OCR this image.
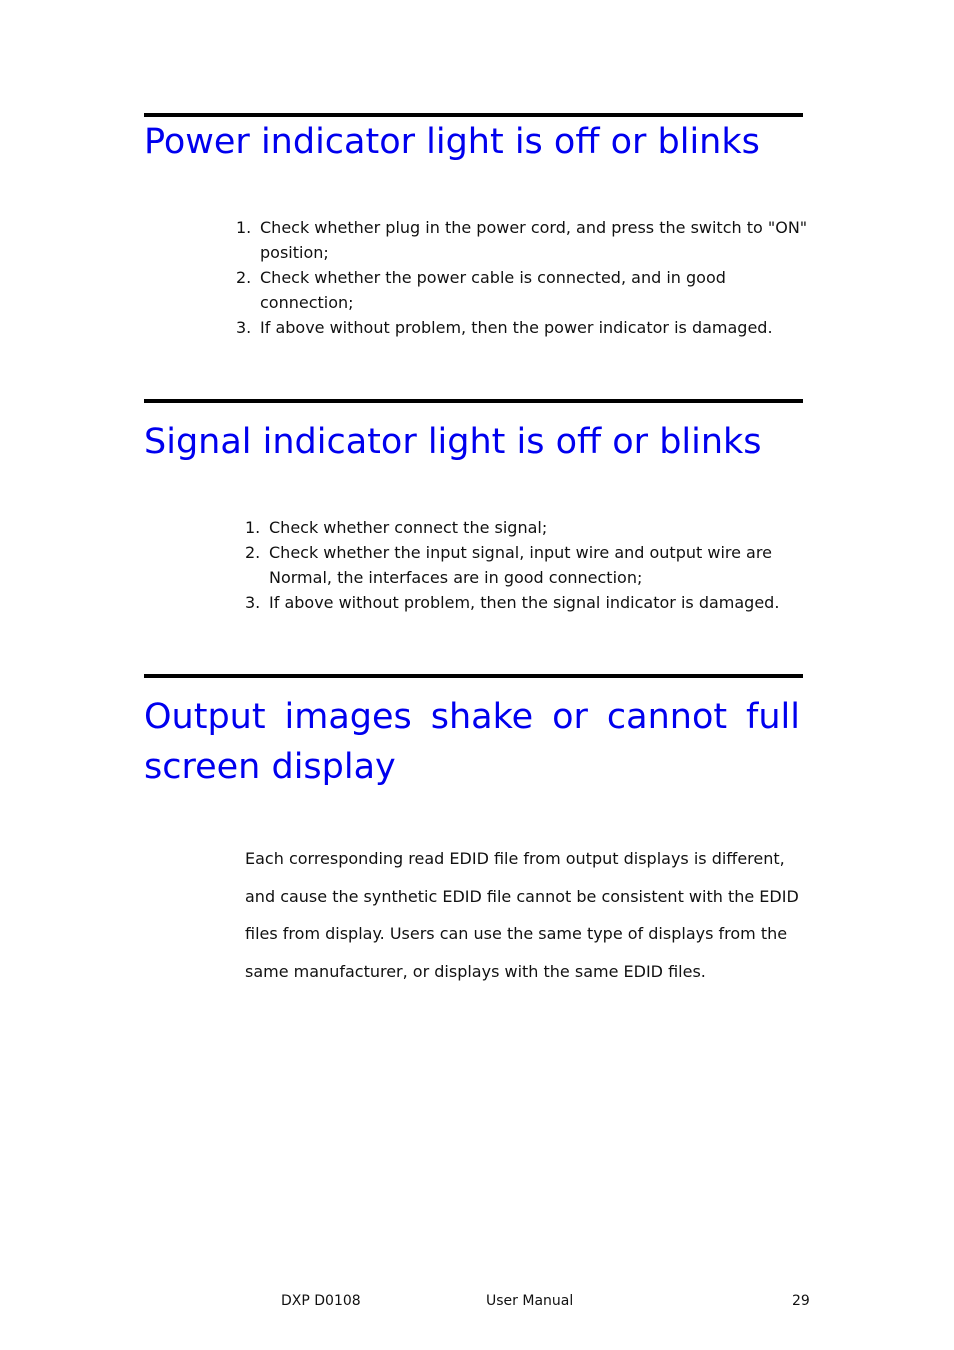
Power indicator light is off or blinks
1. Check whether plug in the power cord, and press the switch to "ON" position;
2. Check whether the power cable is connected, and in good connection;
3. If above without problem, then the power indicator is damaged.
Signal indicator light is off or blinks
1. Check whether connect the signal;
2. Check whether the input signal, input wire and output wire are Normal, the interfaces are in good connection;
3. If above without problem, then the signal indicator is damaged.
Output images shake or cannot full
screen display

Each corresponding read EDID file from output displays is different, and cause the synthetic EDID file cannot be consistent with the EDID files from display. Users can use the same type of displays from the same manufacturer, or displays with the same EDID files.

DXP D0108	User Manual	29
